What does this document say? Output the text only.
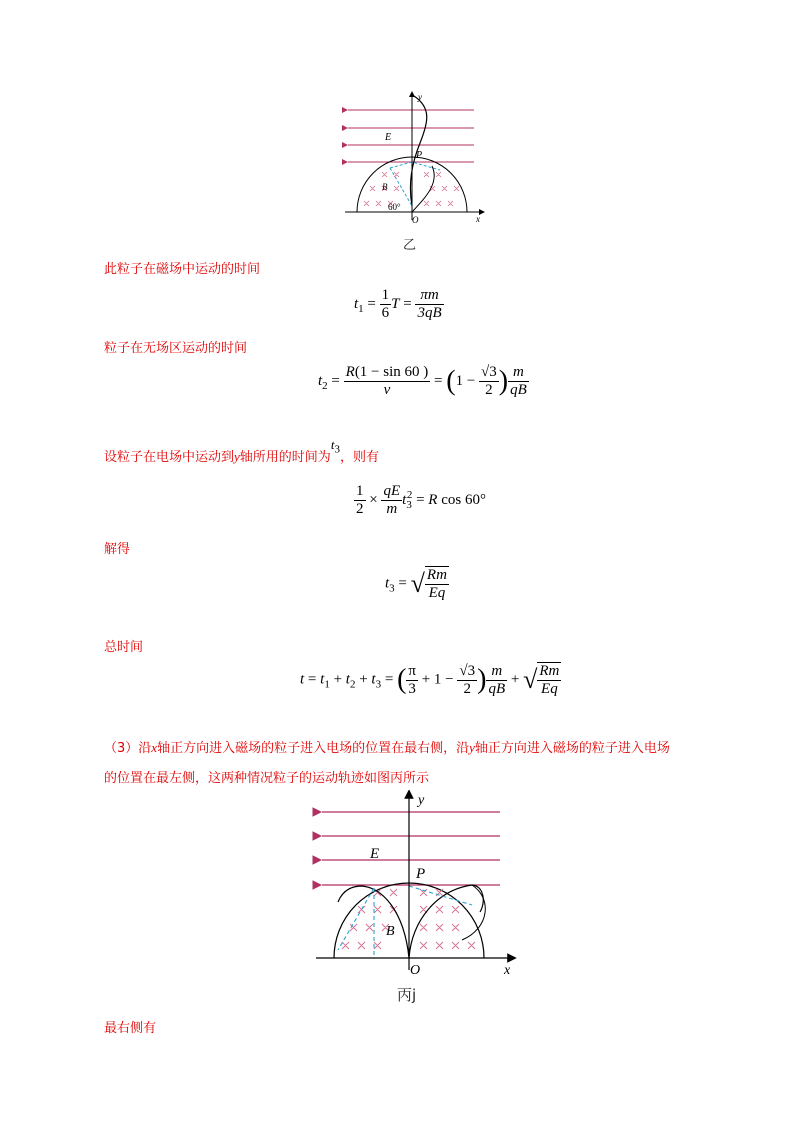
y
x
E
P
B
O
60°
乙
此粒子在磁场中运动的时间
$t_1 = \frac{1}{6}$ $T = \frac{\pi m}{3qB}$
粒子在无场区运动的时间
$t_2 = \frac{R(1 - \sin 60 )}{v} = (1 - \frac{√3}{2}$ ) $\frac{m}{qB}$
设粒子在电场中运动到y轴所用的时间为$t_3$，则有
$\frac{1}{2} \times \frac{qE}{m} t_3^2 = R$ cos 60°
解得
$t_3$ = √ $\frac{Rm}{Eq}$
总时间
$t = t_1 + t_2 + t_3$ = ( $\frac{\pi}{3} + 1 - \frac{√3}{2}$ ) $\frac{m}{qB}$ + √ $\frac{Rm}{Eq}$
（3）沿x轴正方向进入磁场的粒子进入电场的位置在最右侧，沿y轴正方向进入磁场的粒子进入电场
的位置在最左侧，这两种情况粒子的运动轨迹如图丙所示
y
x
E
P
B
O
丙j
最右侧有
